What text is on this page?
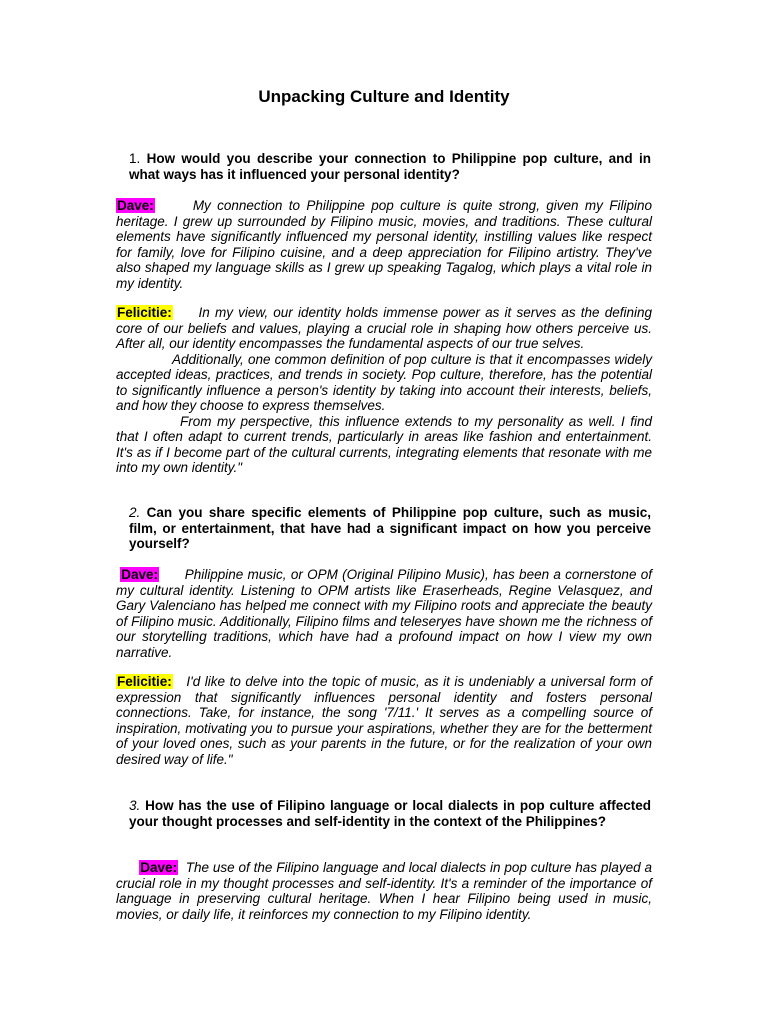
Unpacking Culture and Identity
1. How would you describe your connection to Philippine pop culture, and in what ways has it influenced your personal identity?

Dave:	My connection to Philippine pop culture is quite strong, given my Filipino heritage. I grew up surrounded by Filipino music, movies, and traditions. These cultural elements have significantly influenced my personal identity, instilling values like respect for family, love for Filipino cuisine, and a deep appreciation for Filipino artistry. They've also shaped my language skills as I grew up speaking Tagalog, which plays a vital role in my identity.

Felicitie: In my view, our identity holds immense power as it serves as the defining core of our beliefs and values, playing a crucial role in shaping how others perceive us. After all, our identity encompasses the fundamental aspects of our true selves.

Additionally, one common definition of pop culture is that it encompasses widely accepted ideas, practices, and trends in society. Pop culture, therefore, has the potential to significantly influence a person's identity by taking into account their interests, beliefs, and how they choose to express themselves.

From my perspective, this influence extends to my personality as well. I find that I often adapt to current trends, particularly in areas like fashion and entertainment. It's as if I become part of the cultural currents, integrating elements that resonate with me into my own identity."

2. Can you share specific elements of Philippine pop culture, such as music, film, or entertainment, that have had a significant impact on how you perceive yourself?

Dave: Philippine music, or OPM (Original Pilipino Music), has been a cornerstone of my cultural identity. Listening to OPM artists like Eraserheads, Regine Velasquez, and Gary Valenciano has helped me connect with my Filipino roots and appreciate the beauty of Filipino music. Additionally, Filipino films and teleseryes have shown me the richness of our storytelling traditions, which have had a profound impact on how I view my own narrative.

Felicitie: I'd like to delve into the topic of music, as it is undeniably a universal form of expression that significantly influences personal identity and fosters personal connections. Take, for instance, the song '7/11.' It serves as a compelling source of inspiration, motivating you to pursue your aspirations, whether they are for the betterment of your loved ones, such as your parents in the future, or for the realization of your own desired way of life."

3. How has the use of Filipino language or local dialects in pop culture affected your thought processes and self-identity in the context of the Philippines?

Dave: The use of the Filipino language and local dialects in pop culture has played a crucial role in my thought processes and self-identity. It's a reminder of the importance of language in preserving cultural heritage. When I hear Filipino being used in music, movies, or daily life, it reinforces my connection to my Filipino identity.
